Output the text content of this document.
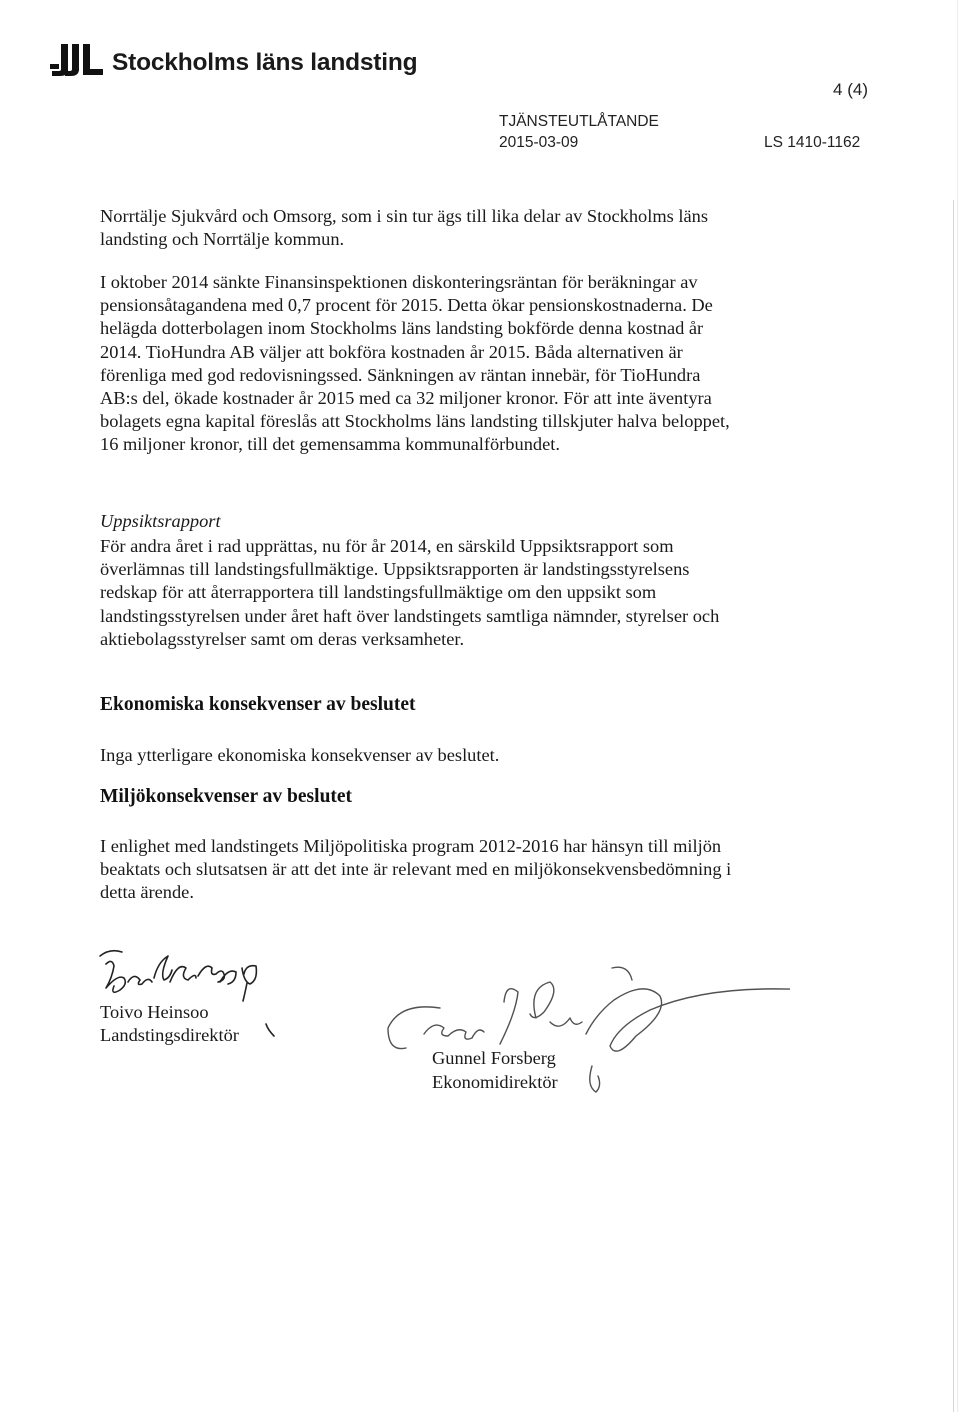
Stockholms läns landsting
4 (4)
TJÄNSTEUTLÅTANDE
2015-03-09	LS 1410-1162

Norrtälje Sjukvård och Omsorg, som i sin tur ägs till lika delar av Stockholms läns landsting och Norrtälje kommun.

I oktober 2014 sänkte Finansinspektionen diskonteringsräntan för beräkningar av pensionsåtagandena med 0,7 procent för 2015. Detta ökar pensionskostnaderna. De helägda dotterbolagen inom Stockholms läns landsting bokförde denna kostnad år 2014. TioHundra AB väljer att bokföra kostnaden år 2015. Båda alternativen är förenliga med god redovisningssed. Sänkningen av räntan innebär, för TioHundra AB:s del, ökade kostnader år 2015 med ca 32 miljoner kronor. För att inte äventyra bolagets egna kapital föreslås att Stockholms läns landsting tillskjuter halva beloppet, 16 miljoner kronor, till det gemensamma kommunalförbundet.

Uppsiktsrapport

För andra året i rad upprättas, nu för år 2014, en särskild Uppsiktsrapport som överlämnas till landstingsfullmäktige. Uppsiktsrapporten är landstingsstyrelsens redskap för att återrapportera till landstingsfullmäktige om den uppsikt som landstingsstyrelsen under året haft över landstingets samtliga nämnder, styrelser och aktiebolagsstyrelser samt om deras verksamheter.

Ekonomiska konsekvenser av beslutet

Inga ytterligare ekonomiska konsekvenser av beslutet.

Miljökonsekvenser av beslutet

I enlighet med landstingets Miljöpolitiska program 2012-2016 har hänsyn till miljön beaktats och slutsatsen är att det inte är relevant med en miljökonsekvensbedömning i detta ärende.

Toivo Heinsoo
Landstingsdirektör
Gunnel Forsberg
Ekonomidirektör
